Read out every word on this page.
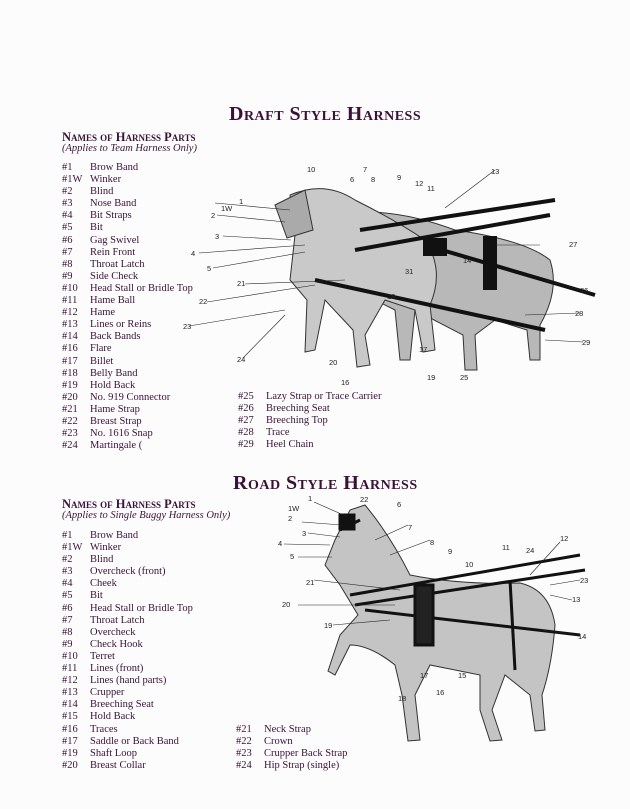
Draft Style Harness
Names of Harness Parts
(Applies to Team Harness Only)
#1	Brow Band
#1W Winker
#2	Blind
#3	Nose Band
#4	Bit Straps
#5	Bit
#6	Gag Swivel
#7	Rein Front
#8	Throat Latch
#9	Side Check
#10	Head Stall or Bridle Top
#11	Hame Ball
#12	Hame
#13	Lines or Reins
#14	Back Bands
#16	Flare
#17	Billet
#18	Belly Band
#19	Hold Back
#20	No. 919 Connector
#21	Hame Strap
#22	Breast Strap
#23	No. 1616 Snap
#24	Martingale (
#25	Lazy Strap or Trace Carrier
#26	Breeching Seat
#27	Breeching Top
#28	Trace
#29	Heel Chain
10	7
6 8	9
12
11
13
1
1W
2
3
4
5
14
27
21
31
22
26
23
18
28
24	20
17
19	25
29
16
Road Style Harness
Names of Harness Parts
(Applies to Single Buggy Harness Only)
#1	Brow Band
#1W Winker
#2	Blind
#3	Overcheck (front)
#4	Cheek
#5	Bit
#6	Head Stall or Bridle Top
#7	Throat Latch
#8	Overcheck
#9	Check Hook
#10	Terret
#11	Lines (front)
#12	Lines (hand parts)
#13	Crupper
#14	Breeching Seat
#15	Hold Back
#16	Traces
#17	Saddle or Back Band
#19	Shaft Loop
#20	Breast Collar
#21	Neck Strap
#22	Crown
#23	Crupper Back Strap
#24	Hip Strap (single)
1	22
6
1W
2
3
4
7
5
8
9
10
11 24
12
21	23
20
13
19
14
17
16
15
18
